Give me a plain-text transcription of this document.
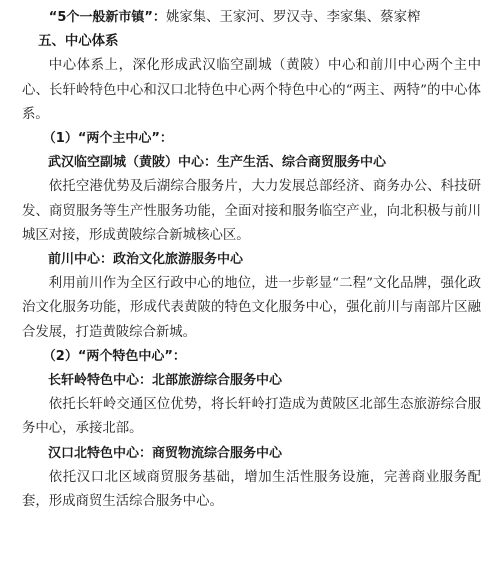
“5个一般新市镇”：姚家集、王家河、罗汉寺、李家集、蔡家榨
五、中心体系

中心体系上，深化形成武汉临空副城（黄陂）中心和前川中心两个主中心、长轩岭特色中心和汉口北特色中心两个特色中心的“两主、两特”的中心体系。

（1）“两个主中心”：
武汉临空副城（黄陂）中心：生产生活、综合商贸服务中心

依托空港优势及后湖综合服务片，大力发展总部经济、商务办公、科技研发、商贸服务等生产性服务功能，全面对接和服务临空产业，向北积极与前川城区对接，形成黄陂综合新城核心区。

前川中心：政治文化旅游服务中心

利用前川作为全区行政中心的地位，进一步彰显“二程”文化品牌，强化政治文化服务功能，形成代表黄陂的特色文化服务中心，强化前川与南部片区融合发展，打造黄陂综合新城。

（2）“两个特色中心”：
长轩岭特色中心：北部旅游综合服务中心

依托长轩岭交通区位优势，将长轩岭打造成为黄陂区北部生态旅游综合服务中心，承接北部。

汉口北特色中心：商贸物流综合服务中心

依托汉口北区域商贸服务基础，增加生活性服务设施，完善商业服务配套，形成商贸生活综合服务中心。
